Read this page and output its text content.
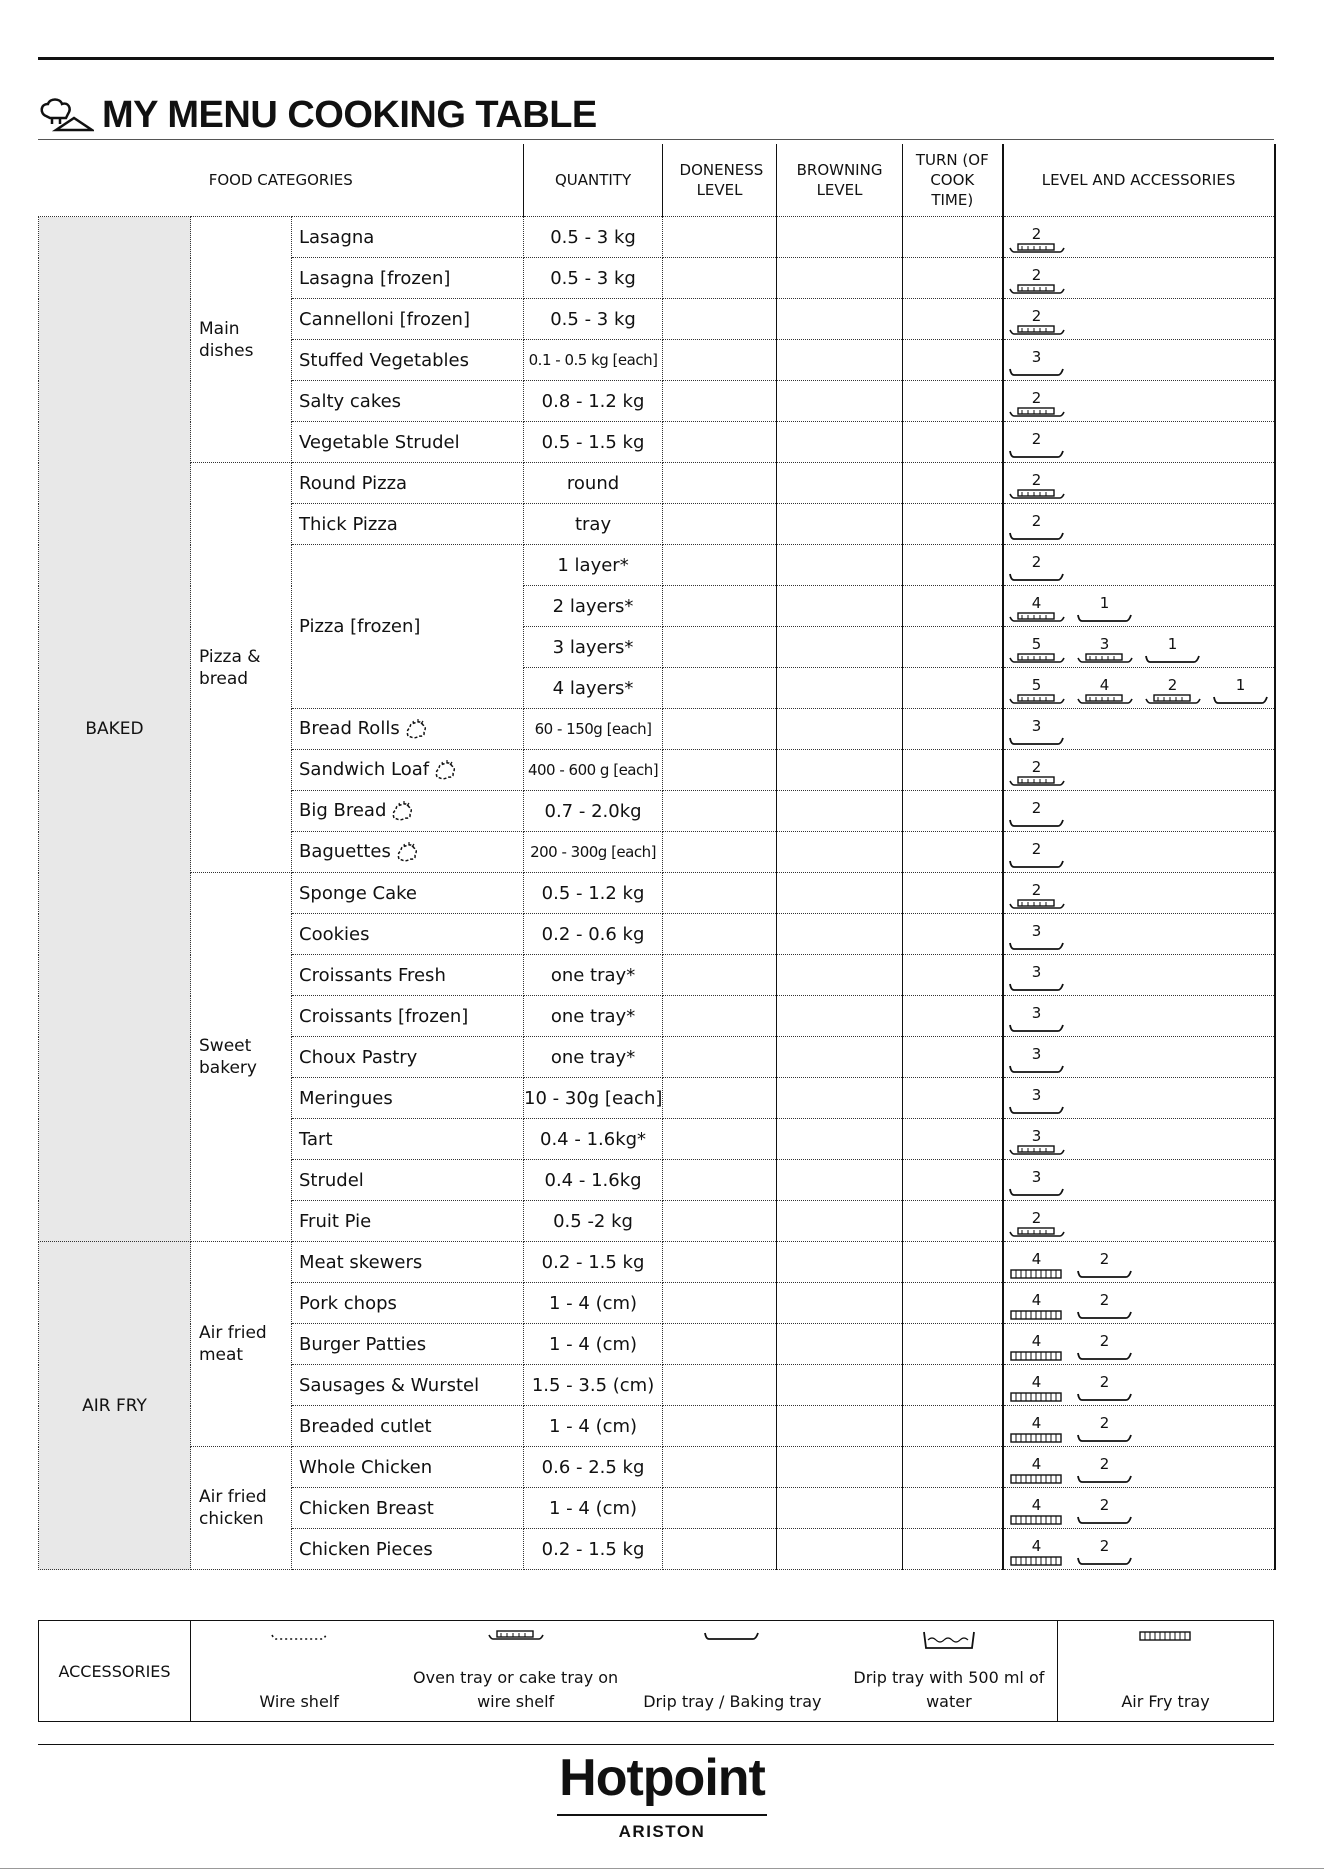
MY MENU COOKING TABLE
FOOD CATEGORIES			QUANTITY	DONENESS LEVEL	BROWNING LEVEL	TURN (OF COOK TIME)	LEVEL AND ACCESSORIES
BAKED	Main dishes	Lasagna	0.5 - 3 kg				2

		Lasagna [frozen]	0.5 - 3 kg				2

		Cannelloni [frozen]	0.5 - 3 kg				2

		Stuffed Vegetables	0.1 - 0.5 kg [each]				3

		Salty cakes	0.8 - 1.2 kg				2

		Vegetable Strudel	0.5 - 1.5 kg				2

	Pizza & bread	Round Pizza	round				2

		Thick Pizza	tray				2

		Pizza [frozen]	1 layer*				2

			2 layers*				4 1

			3 layers*				5 3 1

			4 layers*				5 4 2 1

		Bread Rolls	60 - 150g [each]				3

		Sandwich Loaf	400 - 600 g [each]				2

		Big Bread	0.7 - 2.0kg				2

		Baguettes	200 - 300g [each]				2

	Sweet bakery	Sponge Cake	0.5 - 1.2 kg				2

		Cookies	0.2 - 0.6 kg				3

		Croissants Fresh	one tray*				3

		Croissants [frozen]	one tray*				3

		Choux Pastry	one tray*				3

		Meringues	10 - 30g [each]				3

		Tart	0.4 - 1.6kg*				3

		Strudel	0.4 - 1.6kg				3

		Fruit Pie	0.5 -2 kg				2

AIR FRY	Air fried meat	Meat skewers	0.2 - 1.5 kg				4 2

		Pork chops	1 - 4 (cm)				4 2

		Burger Patties	1 - 4 (cm)				4 2

		Sausages & Wurstel	1.5 - 3.5 (cm)				4 2

		Breaded cutlet	1 - 4 (cm)				4 2

	Air fried chicken	Whole Chicken	0.6 - 2.5 kg				4 2

		Chicken Breast	1 - 4 (cm)				4 2

		Chicken Pieces	0.2 - 1.5 kg				4 2
ACCESSORIES	
Wire shelf

Oven tray or cake tray on wire shelf	Drip tray / Baking tray

Drip tray with 500 ml of water	Air Fry tray
Hotpoint
ARISTON
